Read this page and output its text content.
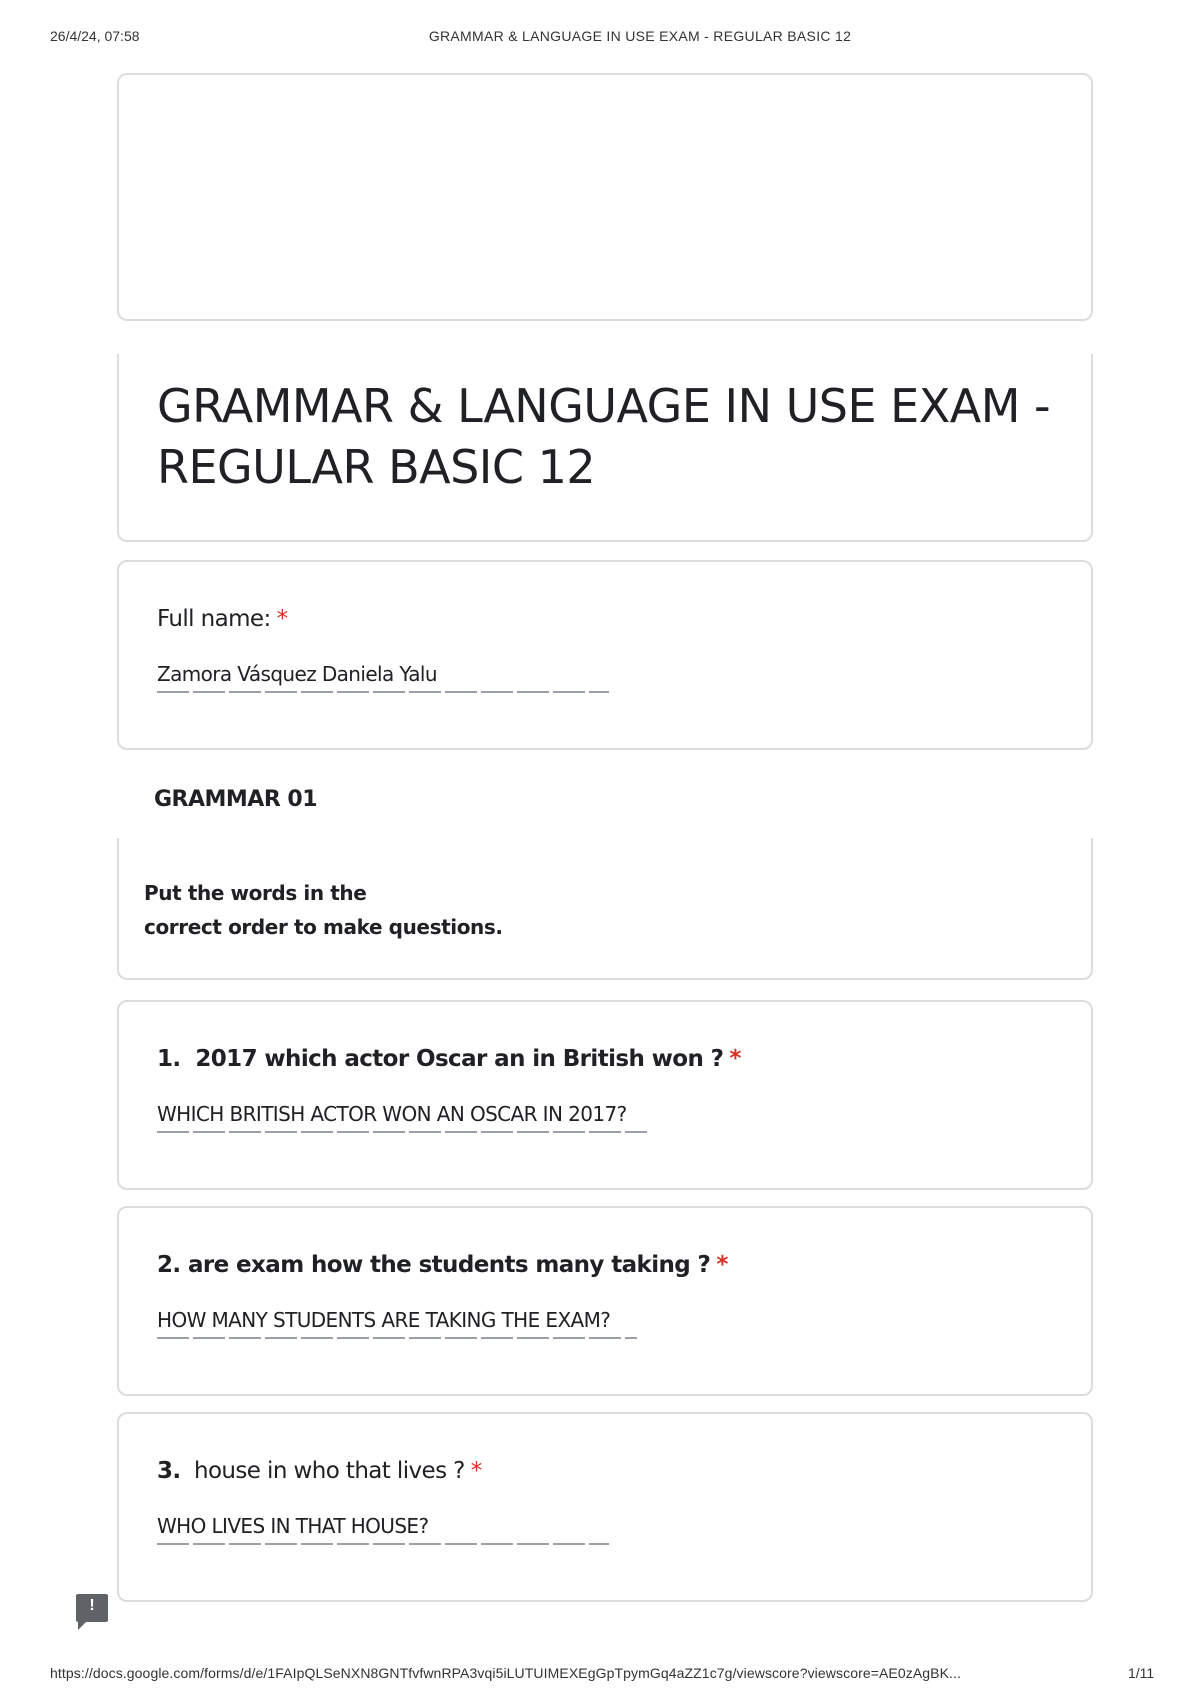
26/4/24, 07:58	GRAMMAR & LANGUAGE IN USE EXAM - REGULAR BASIC 12
GRAMMAR & LANGUAGE IN USE EXAM - REGULAR BASIC 12
Full name: *
Zamora Vásquez Daniela Yalu
GRAMMAR 01
Put the words in the
correct order to make questions.
1. 2017 which actor Oscar an in British won ? *
WHICH BRITISH ACTOR WON AN OSCAR IN 2017?
2. are exam how the students many taking ? *
HOW MANY STUDENTS ARE TAKING THE EXAM?
3. house in who that lives ? *
WHO LIVES IN THAT HOUSE?
!
https://docs.google.com/forms/d/e/1FAIpQLSeNXN8GNTfvfwnRPA3vqi5iLUTUIMEXEgGpTpymGq4aZZ1c7g/viewscore?viewscore=AE0zAgBK...	1/11
